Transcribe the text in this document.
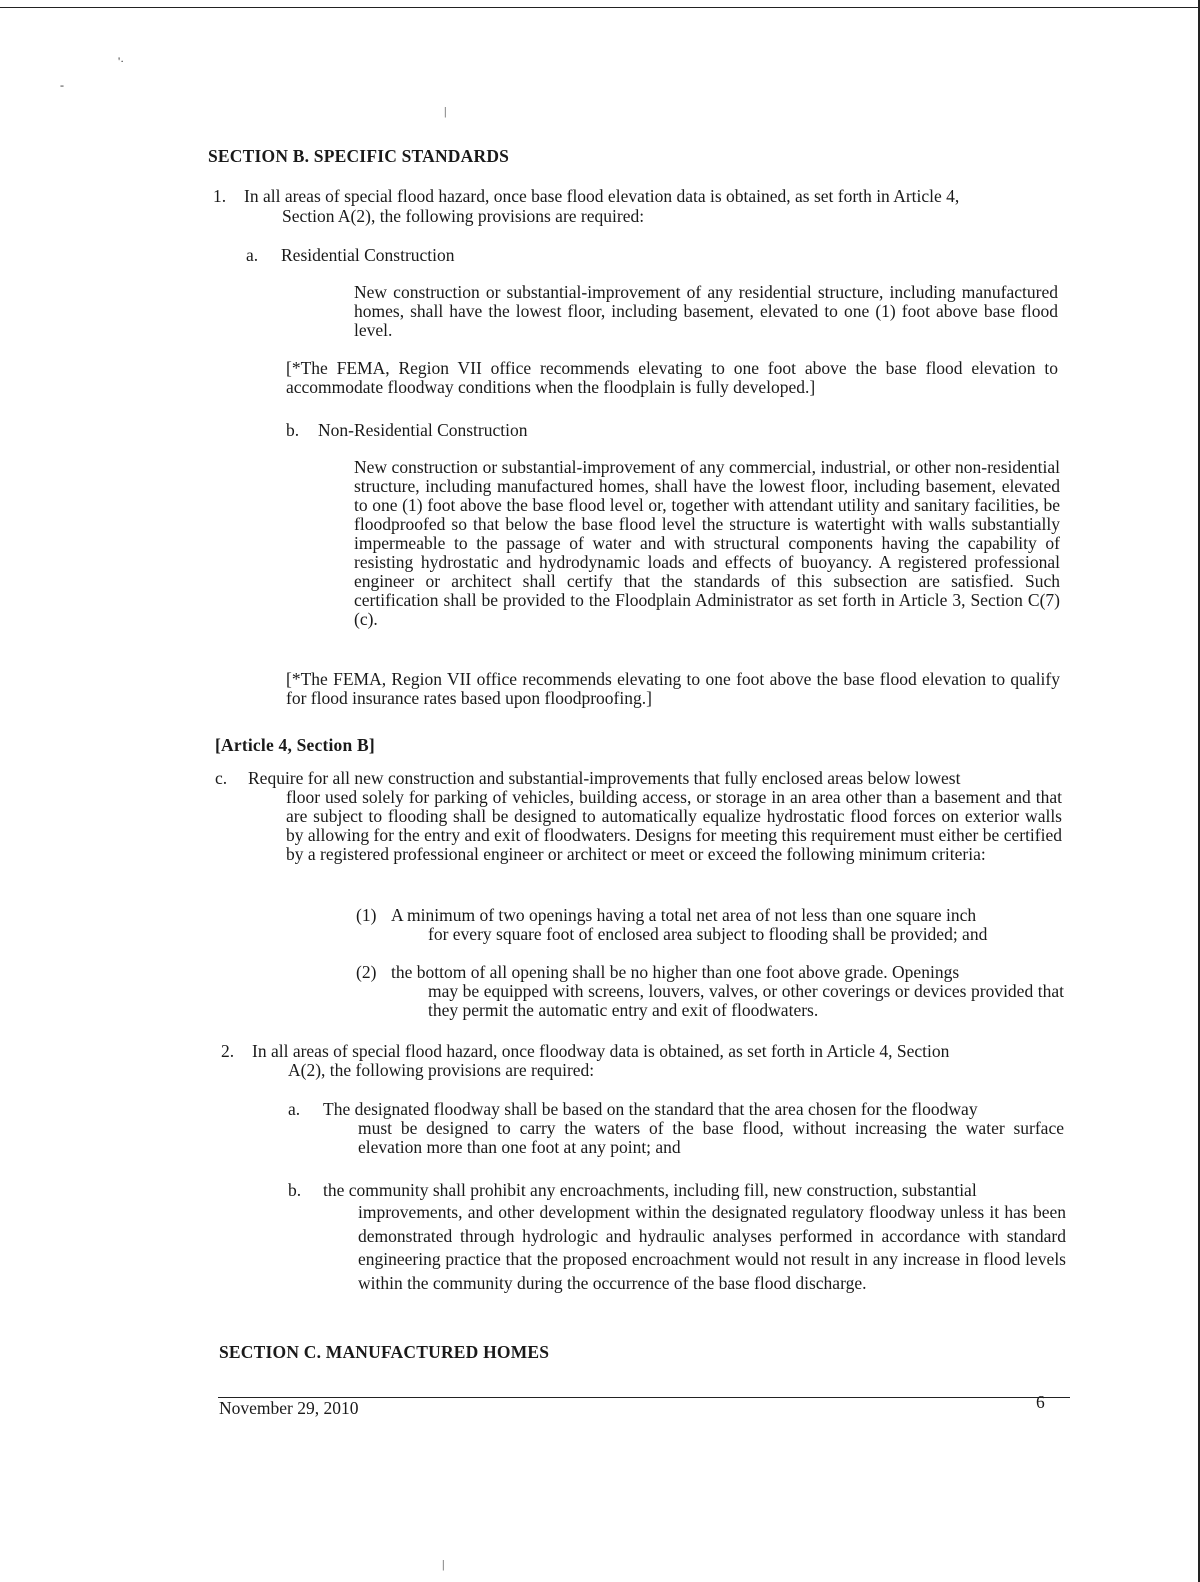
'·
-
|
|
SECTION B. SPECIFIC STANDARDS
1. In all areas of special flood hazard, once base flood elevation data is obtained, as set forth in Article 4,
Section A(2), the following provisions are required:
a. Residential Construction
New construction or substantial-improvement of any residential structure, including manufactured homes, shall have the lowest floor, including basement, elevated to one (1) foot above base flood level.
[*The FEMA, Region VII office recommends elevating to one foot above the base flood elevation to accommodate floodway conditions when the floodplain is fully developed.]
b. Non-Residential Construction
New construction or substantial-improvement of any commercial, industrial, or other non-residential structure, including manufactured homes, shall have the lowest floor, including basement, elevated to one (1) foot above the base flood level or, together with attendant utility and sanitary facilities, be floodproofed so that below the base flood level the structure is watertight with walls substantially impermeable to the passage of water and with structural components having the capability of resisting hydrostatic and hydrodynamic loads and effects of buoyancy. A registered professional engineer or architect shall certify that the standards of this subsection are satisfied. Such certification shall be provided to the Floodplain Administrator as set forth in Article 3, Section C(7) (c).
[*The FEMA, Region VII office recommends elevating to one foot above the base flood elevation to qualify for flood insurance rates based upon floodproofing.]
[Article 4, Section B]
c. Require for all new construction and substantial-improvements that fully enclosed areas below lowest
floor used solely for parking of vehicles, building access, or storage in an area other than a basement and that are subject to flooding shall be designed to automatically equalize hydrostatic flood forces on exterior walls by allowing for the entry and exit of floodwaters. Designs for meeting this requirement must either be certified by a registered professional engineer or architect or meet or exceed the following minimum criteria:
(1) A minimum of two openings having a total net area of not less than one square inch
for every square foot of enclosed area subject to flooding shall be provided; and
(2) the bottom of all opening shall be no higher than one foot above grade. Openings
may be equipped with screens, louvers, valves, or other coverings or devices provided that they permit the automatic entry and exit of floodwaters.
2. In all areas of special flood hazard, once floodway data is obtained, as set forth in Article 4, Section
A(2), the following provisions are required:
a. The designated floodway shall be based on the standard that the area chosen for the floodway
must be designed to carry the waters of the base flood, without increasing the water surface elevation more than one foot at any point; and
b. the community shall prohibit any encroachments, including fill, new construction, substantial
improvements, and other development within the designated regulatory floodway unless it has been demonstrated through hydrologic and hydraulic analyses performed in accordance with standard engineering practice that the proposed encroachment would not result in any increase in flood levels within the community during the occurrence of the base flood discharge.
SECTION C. MANUFACTURED HOMES
November 29, 2010	6
